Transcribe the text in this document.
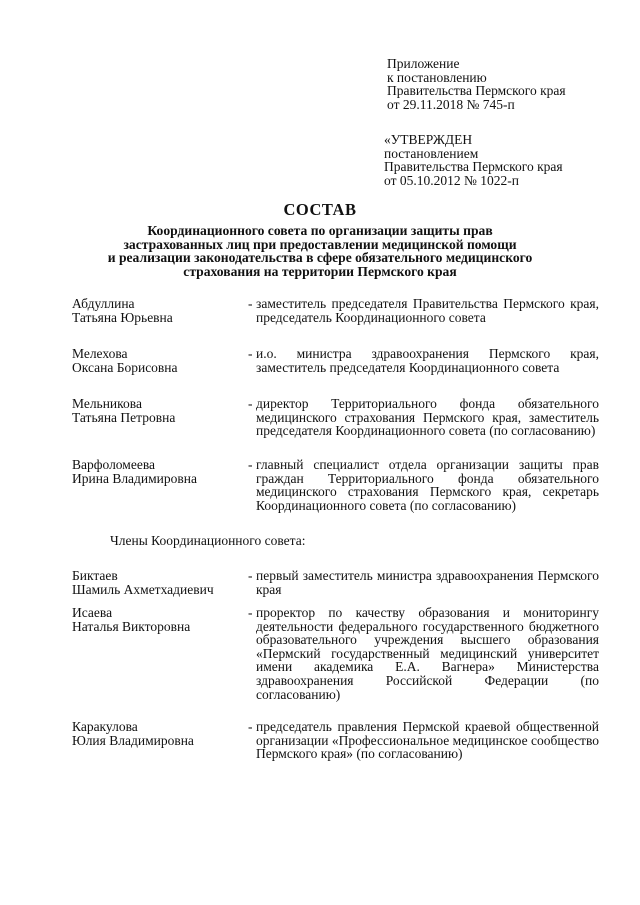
Приложение
к постановлению
Правительства Пермского края
от 29.11.2018 № 745-п
«УТВЕРЖДЕН
постановлением
Правительства Пермского края
от 05.10.2012 № 1022-п
СОСТАВ
Координационного совета по организации защиты прав
застрахованных лиц при предоставлении медицинской помощи
и реализации законодательства в сфере обязательного медицинского
страхования на территории Пермского края
Абдуллина
Татьяна Юрьевна
- заместитель председателя Правительства Пермского края, председатель Координационного совета
Мелехова
Оксана Борисовна
- и.о. министра здравоохранения Пермского края, заместитель председателя Координационного совета
Мельникова
Татьяна Петровна
- директор Территориального фонда обязательного медицинского страхования Пермского края, заместитель председателя Координационного совета (по согласованию)
Варфоломеева
Ирина Владимировна
- главный специалист отдела организации защиты прав граждан Территориального фонда обязательного медицинского страхования Пермского края, секретарь Координационного совета (по согласованию)
Члены Координационного совета:
Биктаев
Шамиль Ахметхадиевич
- первый заместитель министра здравоохранения Пермского края
Исаева
Наталья Викторовна
- проректор по качеству образования и мониторингу деятельности федерального государственного бюджетного образовательного учреждения высшего образования «Пермский государственный медицинский университет имени академика Е.А. Вагнера» Министерства здравоохранения Российской Федерации (по согласованию)
Каракулова
Юлия Владимировна
- председатель правления Пермской краевой общественной организации «Профессиональное медицинское сообщество Пермского края» (по согласованию)
